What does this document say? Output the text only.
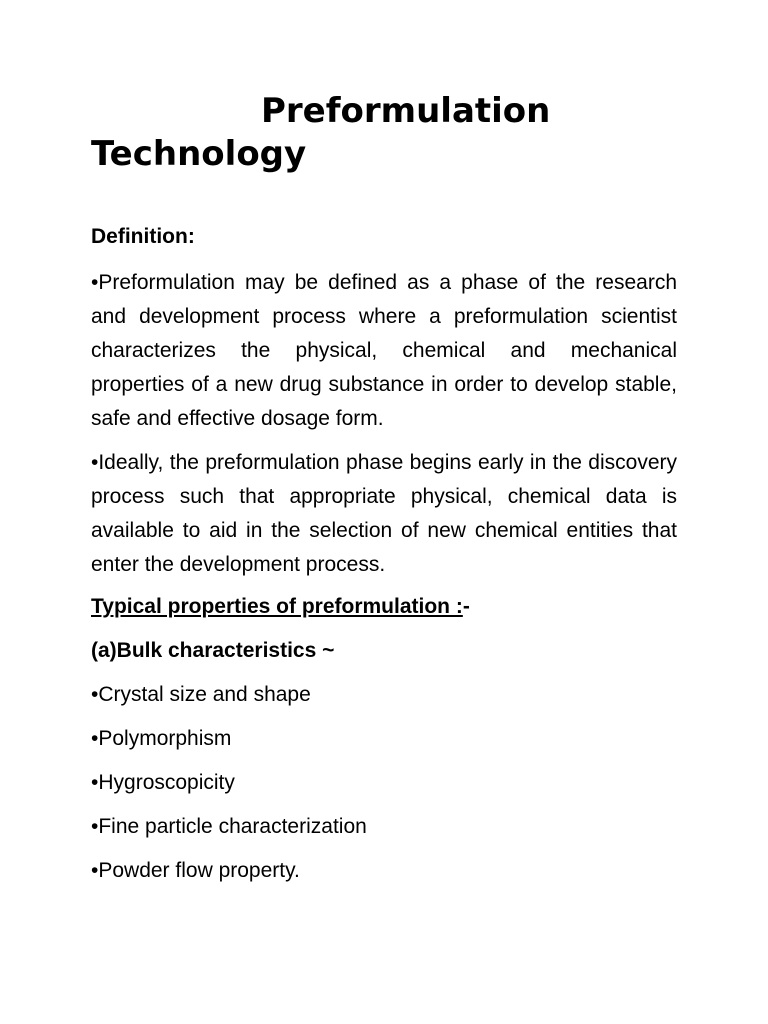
Preformulation
Technology
Definition:

•Preformulation may be defined as a phase of the research and development process where a preformulation scientist characterizes the physical, chemical and mechanical properties of a new drug substance in order to develop stable, safe and effective dosage form.

•Ideally, the preformulation phase begins early in the discovery process such that appropriate physical, chemical data is available to aid in the selection of new chemical entities that enter the development process.

Typical properties of preformulation :-
(a)Bulk characteristics ~
•Crystal size and shape
•Polymorphism
•Hygroscopicity
•Fine particle characterization
•Powder flow property.
